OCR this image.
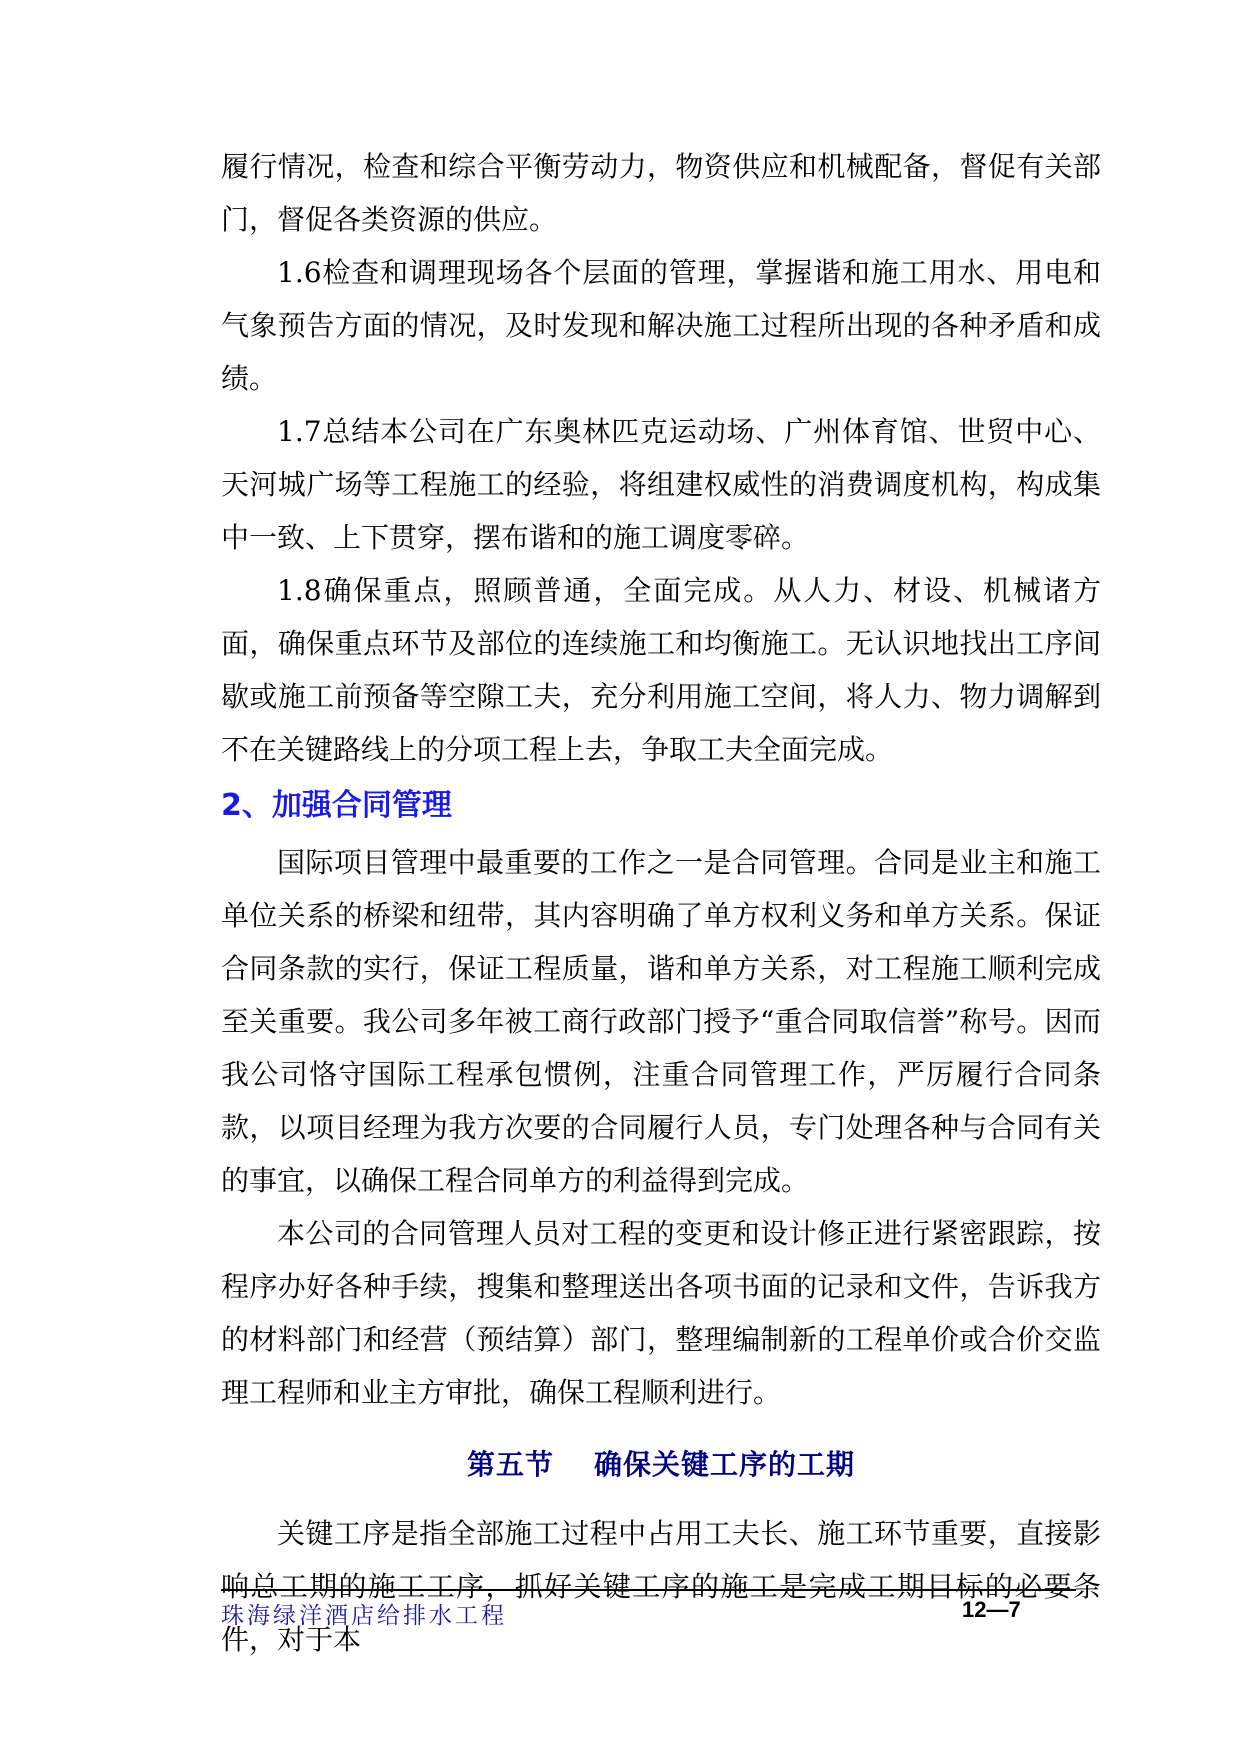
履行情况，检查和综合平衡劳动力，物资供应和机械配备，督促有关部门，督促各类资源的供应。

1.6检查和调理现场各个层面的管理，掌握谐和施工用水、用电和气象预告方面的情况，及时发现和解决施工过程所出现的各种矛盾和成绩。

1.7总结本公司在广东奥林匹克运动场、广州体育馆、世贸中心、天河城广场等工程施工的经验，将组建权威性的消费调度机构，构成集中一致、上下贯穿，摆布谐和的施工调度零碎。

1.8确保重点，照顾普通，全面完成。从人力、材设、机械诸方面，确保重点环节及部位的连续施工和均衡施工。无认识地找出工序间歇或施工前预备等空隙工夫，充分利用施工空间，将人力、物力调解到不在关键路线上的分项工程上去，争取工夫全面完成。

2、加强合同管理

国际项目管理中最重要的工作之一是合同管理。合同是业主和施工单位关系的桥梁和纽带，其内容明确了单方权利义务和单方关系。保证合同条款的实行，保证工程质量，谐和单方关系，对工程施工顺利完成至关重要。我公司多年被工商行政部门授予“重合同取信誉”称号。因而我公司恪守国际工程承包惯例，注重合同管理工作，严厉履行合同条款，以项目经理为我方次要的合同履行人员，专门处理各种与合同有关的事宜，以确保工程合同单方的利益得到完成。

本公司的合同管理人员对工程的变更和设计修正进行紧密跟踪，按程序办好各种手续，搜集和整理送出各项书面的记录和文件，告诉我方的材料部门和经营（预结算）部门，整理编制新的工程单价或合价交监理工程师和业主方审批，确保工程顺利进行。

第五节 确保关键工序的工期

关键工序是指全部施工过程中占用工夫长、施工环节重要，直接影响总工期的施工工序，抓好关键工序的施工是完成工期目标的必要条件，对于本

珠海绿洋酒店给排水工程	12—7
